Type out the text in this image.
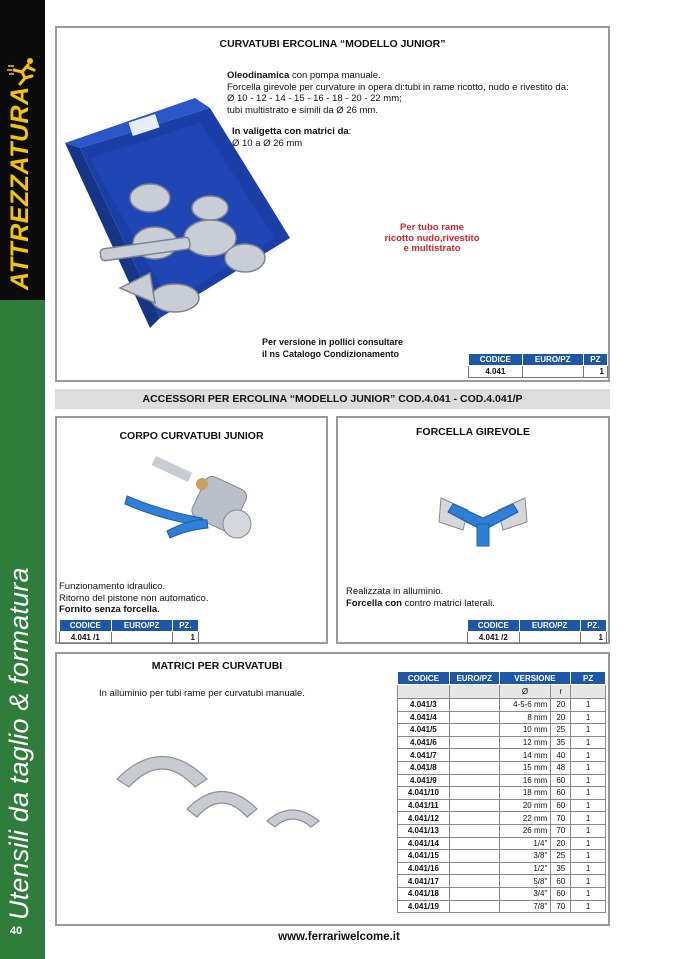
ATTREZZATURA
Utensili da taglio & formatura
40
CURVATUBI ERCOLINA “MODELLO JUNIOR”
Oleodinamica con pompa manuale.
Forcella girevole per curvature in opera di:tubi in rame ricotto, nudo e rivestito da:
Ø 10 - 12 - 14 - 15 - 16 - 18 - 20 - 22 mm;
tubi multistrato e simili da Ø 26 mm.
In valigetta con matrici da:
Ø 10 a Ø 26 mm
Per tubo rame
ricotto nudo,rivestito
e multistrato
Per versione in pollici consultare
il ns Catalogo Condizionamento
CODICE	EURO/PZ	PZ
4.041		1
ACCESSORI PER ERCOLINA “MODELLO JUNIOR” COD.4.041 - COD.4.041/P
CORPO CURVATUBI JUNIOR
Funzionamento idraulico.
Ritorno del pistone non automatico.
Fornito senza forcella.
CODICE	EURO/PZ	PZ.
4.041 /1		1
FORCELLA GIREVOLE
Realizzata in alluminio.
Forcella con contro matrici laterali.
CODICE	EURO/PZ	PZ.
4.041 /2		1
MATRICI PER CURVATUBI
In alluminio per tubi rame per curvatubi manuale.
CODICE	EURO/PZ	VERSIONE		PZ
		Ø	r	
4.041/3		4-5-6 mm	20	1
4.041/4		8 mm	20	1
4.041/5		10 mm	25	1
4.041/6		12 mm	35	1
4.041/7		14 mm	40	1
4.041/8		15 mm	48	1
4.041/9		16 mm	60	1
4.041/10		18 mm	60	1
4.041/11		20 mm	60	1
4.041/12		22 mm	70	1
4.041/13		26 mm	70	1
4.041/14		1/4"	20	1
4.041/15		3/8"	25	1
4.041/16		1/2"	35	1
4.041/17		5/8"	60	1
4.041/18		3/4"	60	1
4.041/19		7/8"	70	1
www.ferrariwelcome.it
